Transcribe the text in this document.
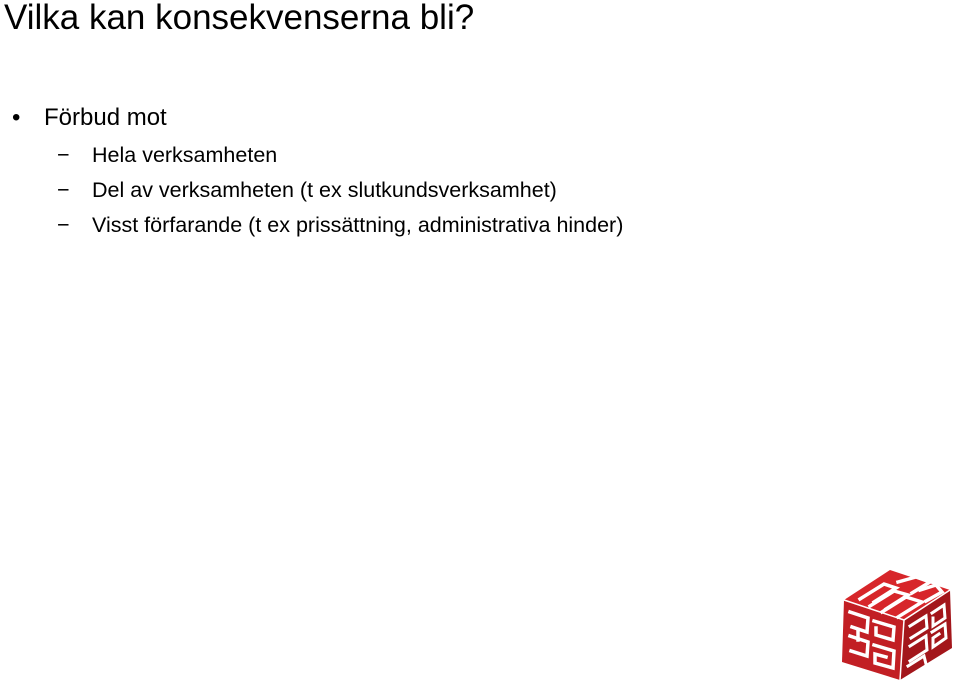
Vilka kan konsekvenserna bli?
• Förbud mot
−	Hela verksamheten
−	Del av verksamheten (t ex slutkundsverksamhet)
−	Visst förfarande (t ex prissättning, administrativa hinder)
